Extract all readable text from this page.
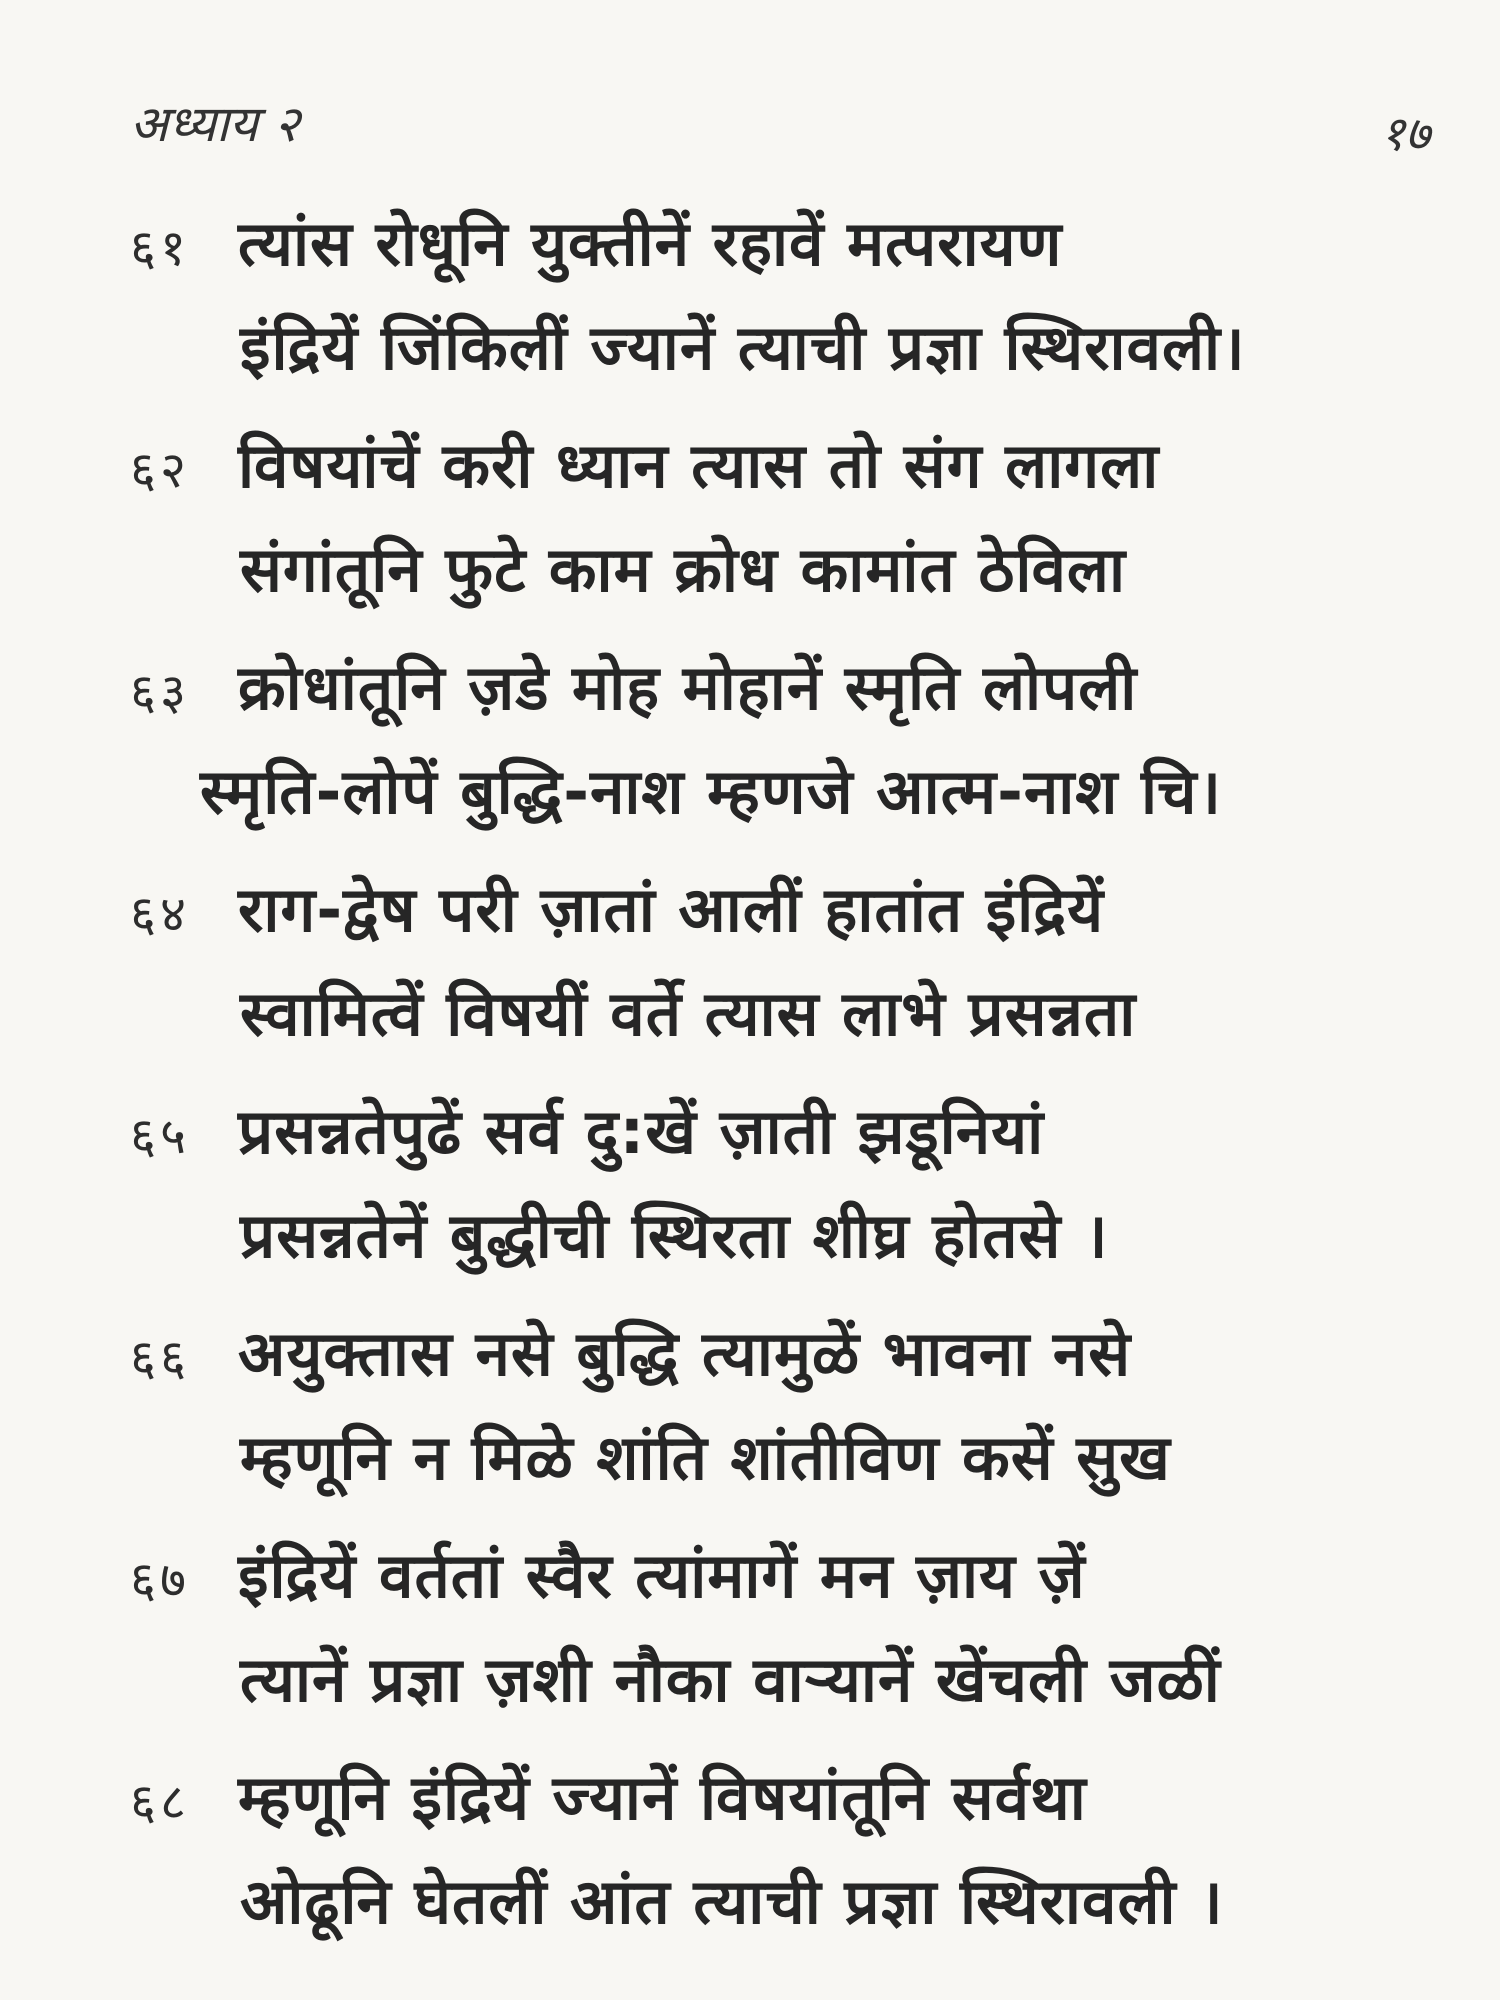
अध्याय २	१७
६१ त्यांस रोधूनि युक्तीनें रहावें मत्परायण
इंद्रियें जिंकिलीं ज्यानें त्याची प्रज्ञा स्थिरावली।
६२ विषयांचें करी ध्यान त्यास तो संग लागला
संगांतूनि फुटे काम क्रोध कामांत ठेविला
६३ क्रोधांतूनि ज़डे मोह मोहानें स्मृति लोपली
स्मृति-लोपें बुद्धि-नाश म्हणजे आत्म-नाश चि।
६४ राग-द्वेष परी ज़ातां आलीं हातांत इंद्रियें
स्वामित्वें विषयीं वर्ते त्यास लाभे प्रसन्नता
६५ प्रसन्नतेपुढें सर्व दु:खें ज़ाती झडूनियां
प्रसन्नतेनें बुद्धीची स्थिरता शीघ्र होतसे ।
६६ अयुक्तास नसे बुद्धि त्यामुळें भावना नसे
म्हणूनि न मिळे शांति शांतीविण कसें सुख
६७ इंद्रियें वर्ततां स्वैर त्यांमागें मन ज़ाय ज़ें
त्यानें प्रज्ञा ज़शी नौका वाऱ्यानें खेंचली जळीं
६८ म्हणूनि इंद्रियें ज्यानें विषयांतूनि सर्वथा
ओढूनि घेतलीं आंत त्याची प्रज्ञा स्थिरावली ।
